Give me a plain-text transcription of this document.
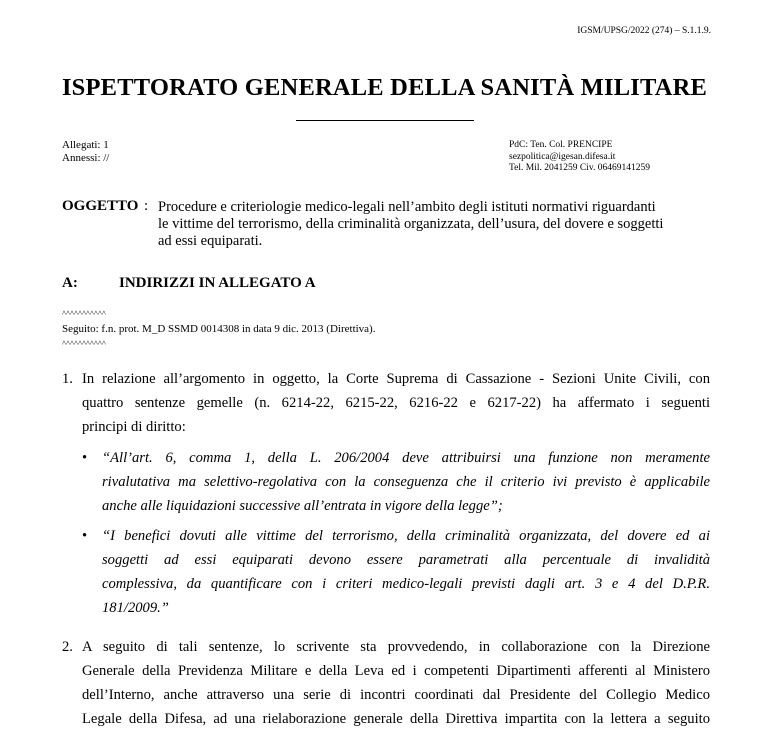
IGSM/UPSG/2022 (274) – S.1.1.9.
ISPETTORATO GENERALE DELLA SANITÀ MILITARE
Allegati: 1
Annessi: //
PdC: Ten. Col. PRENCIPE
sezpolitica@igesan.difesa.it
Tel. Mil. 2041259 Civ. 06469141259
OGGETTO : Procedure e criteriologie medico-legali nell’ambito degli istituti normativi riguardanti
le vittime del terrorismo, della criminalità organizzata, dell’usura, del dovere e soggetti
ad essi equiparati.
A:	INDIRIZZI IN ALLEGATO A
^^^^^^^^^^^
Seguito: f.n. prot. M_D SSMD 0014308 in data 9 dic. 2013 (Direttiva).
^^^^^^^^^^^
1. In relazione all’argomento in oggetto, la Corte Suprema di Cassazione - Sezioni Unite Civili, con
quattro sentenze gemelle (n. 6214-22, 6215-22, 6216-22 e 6217-22) ha affermato i seguenti
principi di diritto:
• “All’art. 6, comma 1, della L. 206/2004 deve attribuirsi una funzione non meramente
rivalutativa ma selettivo-regolativa con la conseguenza che il criterio ivi previsto è applicabile
anche alle liquidazioni successive all’entrata in vigore della legge”;
• “I benefici dovuti alle vittime del terrorismo, della criminalità organizzata, del dovere ed ai
soggetti ad essi equiparati devono essere parametrati alla percentuale di invalidità
complessiva, da quantificare con i criteri medico-legali previsti dagli art. 3 e 4 del D.P.R.
181/2009.”
2. A seguito di tali sentenze, lo scrivente sta provvedendo, in collaborazione con la Direzione
Generale della Previdenza Militare e della Leva ed i competenti Dipartimenti afferenti al Ministero
dell’Interno, anche attraverso una serie di incontri coordinati dal Presidente del Collegio Medico
Legale della Difesa, ad una rielaborazione generale della Direttiva impartita con la lettera a seguito
